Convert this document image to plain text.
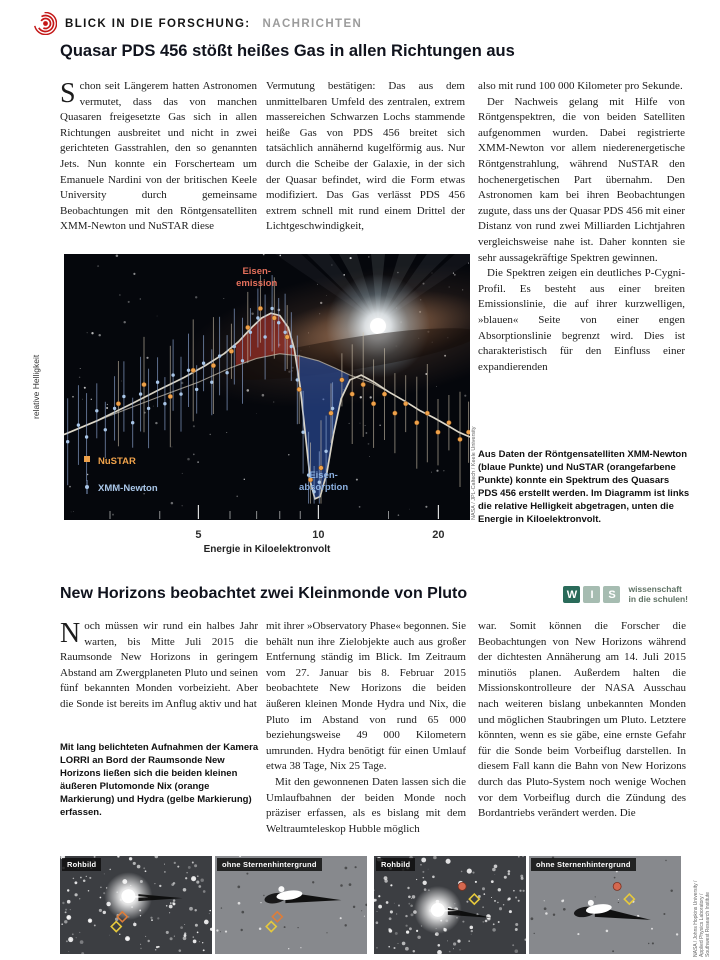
BLICK IN DIE FORSCHUNG: NACHRICHTEN
Quasar PDS 456 stößt heißes Gas in allen Richtungen aus

Schon seit Längerem hatten Astronomen vermutet, dass das von manchen Quasaren freigesetzte Gas sich in allen Richtungen ausbreitet und nicht in zwei gerichteten Gasstrahlen, den so genannten Jets. Nun konnte ein Forscherteam um Emanuele Nardini von der britischen Keele University durch gemeinsame Beobachtungen mit den Röntgensatelliten XMM-Newton und NuSTAR diese

Vermutung bestätigen: Das aus dem unmittelbaren Umfeld des zentralen, extrem massereichen Schwarzen Lochs stammende heiße Gas von PDS 456 breitet sich tatsächlich annähernd kugelförmig aus. Nur durch die Scheibe der Galaxie, in der sich der Quasar befindet, wird die Form etwas modifiziert. Das Gas verlässt PDS 456 extrem schnell mit rund einem Drittel der Lichtgeschwindigkeit,

also mit rund 100 000 Kilometer pro Sekunde.

Der Nachweis gelang mit Hilfe von Röntgenspektren, die von beiden Satelliten aufgenommen wurden. Dabei registrierte XMM-Newton vor allem niederenergetische Röntgenstrahlung, während NuSTAR den hochenergetischen Part übernahm. Den Astronomen kam bei ihren Beobachtungen zugute, dass uns der Quasar PDS 456 mit einer Distanz von rund zwei Milliarden Lichtjahren vergleichsweise nahe ist. Daher konnten sie sehr aussagekräftige Spektren gewinnen.

Die Spektren zeigen ein deutliches P-Cygni-Profil. Es besteht aus einer breiten Emissionslinie, die auf ihrer kurzwelligen, »blauen« Seite von einer engen Absorptionslinie begrenzt wird. Dies ist charakteristisch für den Einfluss einer expandierenden

relative Helligkeit
Eisen-
emission
Eisen-
absorption
NuSTAR
XMM-Newton
5	10	20
Energie in Kiloelektronvolt
NASA / JPL-Caltech / Keele University Aus Daten der Röntgensatelliten XMM-Newton (blaue Punkte) und NuSTAR (orangefarbene Punkte) konnte ein Spektrum des Quasars PDS 456 erstellt werden. Im Diagramm ist links die relative Helligkeit abgetragen, unten die Energie in Kiloelektronvolt.
New Horizons beobachtet zwei Kleinmonde von Pluto	W	I	S	wissenschaft
in die schulen!

Noch müssen wir rund ein halbes Jahr warten, bis Mitte Juli 2015 die Raumsonde New Horizons in geringem Abstand am Zwergplaneten Pluto und seinen fünf bekannten Monden vorbeizieht. Aber die Sonde ist bereits im Anflug aktiv und hat

Mit lang belichteten Aufnahmen der Kamera LORRI an Bord der Raumsonde New Horizons ließen sich die beiden kleinen äußeren Plutomonde Nix (orange Markierung) und Hydra (gelbe Markierung) erfassen.

mit ihrer »Observatory Phase« begonnen. Sie behält nun ihre Zielobjekte auch aus großer Entfernung ständig im Blick. Im Zeitraum vom 27. Januar bis 8. Februar 2015 beobachtete New Horizons die beiden äußeren kleinen Monde Hydra und Nix, die Pluto im Abstand von rund 65 000 beziehungsweise 49 000 Kilometern umrunden. Hydra benötigt für einen Umlauf etwa 38 Tage, Nix 25 Tage.

Mit den gewonnenen Daten lassen sich die Umlaufbahnen der beiden Monde noch präziser erfassen, als es bislang mit dem Weltraumteleskop Hubble möglich

war. Somit können die Forscher die Beobachtungen von New Horizons während der dichtesten Annäherung am 14. Juli 2015 minutiös planen. Außerdem halten die Missionskontrolleure der NASA Ausschau nach weiteren bislang unbekannten Monden und möglichen Staubringen um Pluto. Letztere könnten, wenn es sie gäbe, eine ernste Gefahr für die Sonde beim Vorbeiflug darstellen. In diesem Fall kann die Bahn von New Horizons durch das Pluto-System noch wenige Wochen vor dem Vorbeiflug durch die Zündung des Bordantriebs verändert werden. Die

Rohbild	ohne Sternenhintergrund	Rohbild	ohne Sternenhintergrund
NASA / Johns Hopkins University / Applied Physics Laboratory / Southwest Research Institute
